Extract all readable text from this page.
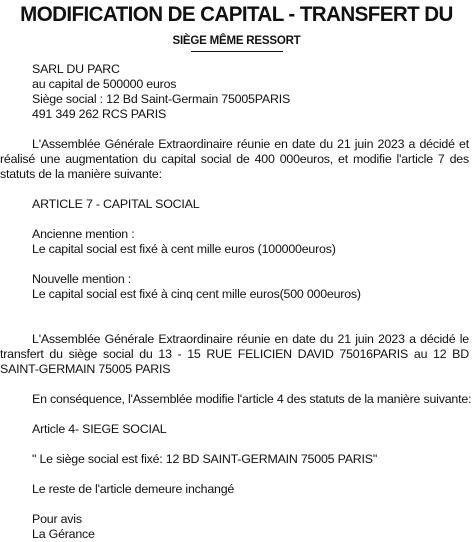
MODIFICATION DE CAPITAL - TRANSFERT DU
SIÈGE MÊME RESSORT

SARL DU PARC

au capital de 500000 euros

Siège social : 12 Bd Saint-Germain 75005PARIS

491 349 262 RCS PARIS

L'Assemblée Générale Extraordinaire réunie en date du 21 juin 2023 a décidé et réalisé une augmentation du capital social de 400 000euros, et modifie l'article 7 des statuts de la manière suivante:

ARTICLE 7 - CAPITAL SOCIAL

Ancienne mention :

Le capital social est fixé à cent mille euros (100000euros)

Nouvelle mention :

Le capital social est fixé à cinq cent mille euros(500 000euros)

L'Assemblée Générale Extraordinaire réunie en date du 21 juin 2023 a décidé le transfert du siège social du 13 - 15 RUE FELICIEN DAVID 75016PARIS au 12 BD SAINT-GERMAIN 75005 PARIS

En conséquence, l'Assemblée modifie l'article 4 des statuts de la manière suivante:

Article 4- SIEGE SOCIAL

" Le siège social est fixé: 12 BD SAINT-GERMAIN 75005 PARIS"

Le reste de l'article demeure inchangé

Pour avis

La Gérance
